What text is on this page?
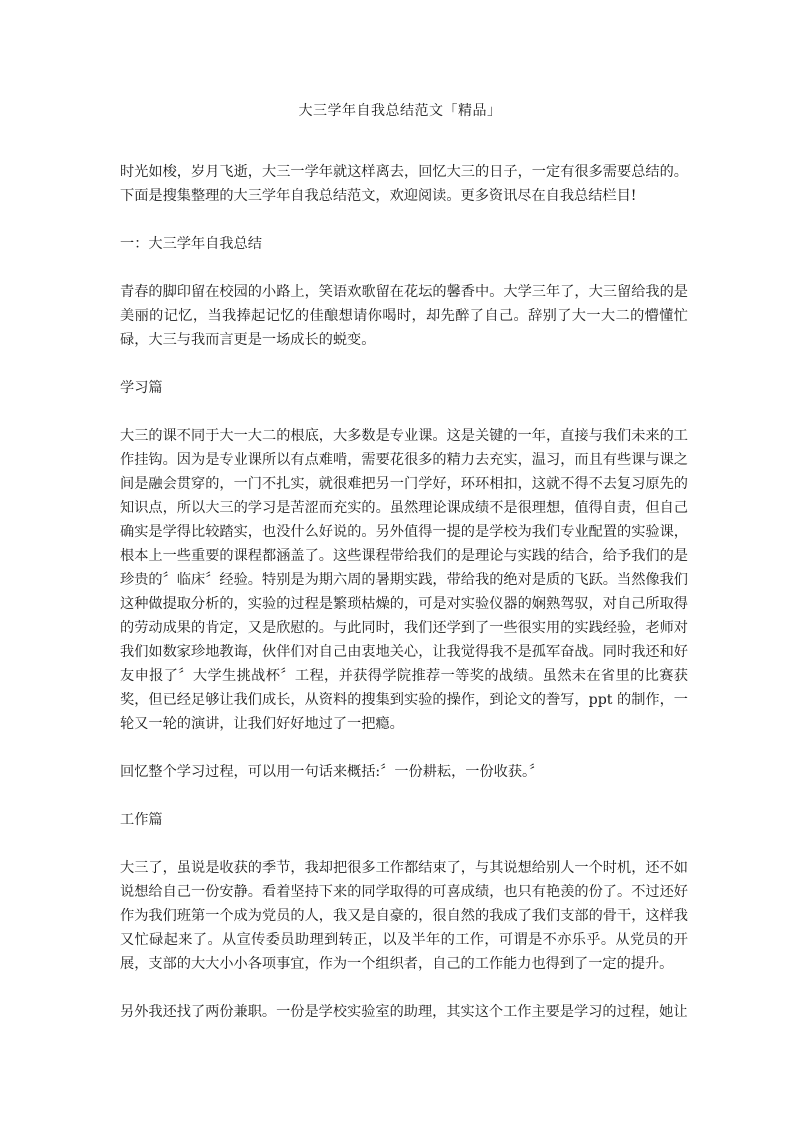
大三学年自我总结范文「精品」

时光如梭，岁月飞逝，大三一学年就这样离去，回忆大三的日子，一定有很多需要总结的。下面是搜集整理的大三学年自我总结范文，欢迎阅读。更多资讯尽在自我总结栏目!

一：大三学年自我总结

青春的脚印留在校园的小路上，笑语欢歌留在花坛的馨香中。大学三年了，大三留给我的是美丽的记忆，当我捧起记忆的佳酿想请你喝时，却先醉了自己。辞别了大一大二的懵懂忙碌，大三与我而言更是一场成长的蜕变。

学习篇

大三的课不同于大一大二的根底，大多数是专业课。这是关键的一年，直接与我们未来的工作挂钩。因为是专业课所以有点难啃，需要花很多的精力去充实，温习，而且有些课与课之间是融会贯穿的，一门不扎实，就很难把另一门学好，环环相扣，这就不得不去复习原先的知识点，所以大三的学习是苦涩而充实的。虽然理论课成绩不是很理想，值得自责，但自己确实是学得比较踏实，也没什么好说的。另外值得一提的是学校为我们专业配置的实验课，根本上一些重要的课程都涵盖了。这些课程带给我们的是理论与实践的结合，给予我们的是珍贵的〞临床〞经验。特别是为期六周的暑期实践，带给我的绝对是质的飞跃。当然像我们这种做提取分析的，实验的过程是繁琐枯燥的，可是对实验仪器的娴熟驾驭，对自己所取得的劳动成果的肯定，又是欣慰的。与此同时，我们还学到了一些很实用的实践经验，老师对我们如数家珍地教诲，伙伴们对自己由衷地关心，让我觉得我不是孤军奋战。同时我还和好友申报了〞大学生挑战杯〞工程，并获得学院推荐一等奖的战绩。虽然未在省里的比赛获奖，但已经足够让我们成长，从资料的搜集到实验的操作，到论文的誊写，ppt 的制作，一轮又一轮的演讲，让我们好好地过了一把瘾。

回忆整个学习过程，可以用一句话来概括:〞一份耕耘，一份收获。〞

工作篇

大三了，虽说是收获的季节，我却把很多工作都结束了，与其说想给别人一个时机，还不如说想给自己一份安静。看着坚持下来的同学取得的可喜成绩，也只有艳羡的份了。不过还好作为我们班第一个成为党员的人，我又是自豪的，很自然的我成了我们支部的骨干，这样我又忙碌起来了。从宣传委员助理到转正，以及半年的工作，可谓是不亦乐乎。从党员的开展，支部的大大小小各项事宜，作为一个组织者，自己的工作能力也得到了一定的提升。

另外我还找了两份兼职。一份是学校实验室的助理，其实这个工作主要是学习的过程，她让
